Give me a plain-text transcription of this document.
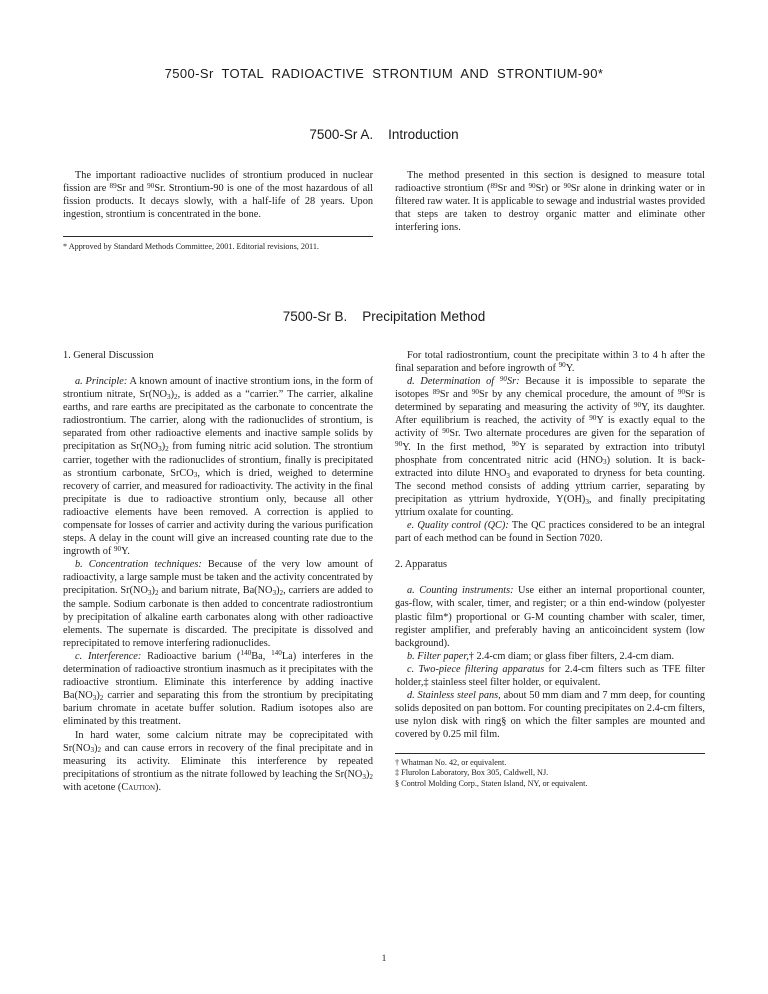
7500-Sr TOTAL RADIOACTIVE STRONTIUM AND STRONTIUM-90*
7500-Sr A. Introduction

The important radioactive nuclides of strontium produced in nuclear fission are $^{89}$Sr and $^{90}$Sr. Strontium-90 is one of the most hazardous of all fission products. It decays slowly, with a half-life of 28 years. Upon ingestion, strontium is concentrated in the bone.

* Approved by Standard Methods Committee, 2001. Editorial revisions, 2011.

The method presented in this section is designed to measure total radioactive strontium ($^{89}$Sr and $^{90}$Sr) or $^{90}$Sr alone in drinking water or in filtered raw water. It is applicable to sewage and industrial wastes provided that steps are taken to destroy organic matter and eliminate other interfering ions.

7500-Sr B. Precipitation Method
1. General Discussion

a. Principle: A known amount of inactive strontium ions, in the form of strontium nitrate, Sr(NO3)2, is added as a “carrier.” The carrier, alkaline earths, and rare earths are precipitated as the carbonate to concentrate the radiostrontium. The carrier, along with the radionuclides of strontium, is separated from other radioactive elements and inactive sample solids by precipitation as Sr(NO3)2 from fuming nitric acid solution. The strontium carrier, together with the radionuclides of strontium, finally is precipitated as strontium carbonate, SrCO3, which is dried, weighed to determine recovery of carrier, and measured for radioactivity. The activity in the final precipitate is due to radioactive strontium only, because all other radioactive elements have been removed. A correction is applied to compensate for losses of carrier and activity during the various purification steps. A delay in the count will give an increased counting rate due to the ingrowth of $^{90}$Y.

b. Concentration techniques: Because of the very low amount of radioactivity, a large sample must be taken and the activity concentrated by precipitation. Sr(NO3)2 and barium nitrate, Ba(NO3)2, carriers are added to the sample. Sodium carbonate is then added to concentrate radiostrontium by precipitation of alkaline earth carbonates along with other radioactive elements. The supernate is discarded. The precipitate is dissolved and reprecipitated to remove interfering radionuclides.

c. Interference: Radioactive barium ($^{140}$Ba, $^{140}$La) interferes in the determination of radioactive strontium inasmuch as it precipitates with the radioactive strontium. Eliminate this interference by adding inactive Ba(NO3)2 carrier and separating this from the strontium by precipitating barium chromate in acetate buffer solution. Radium isotopes also are eliminated by this treatment.

In hard water, some calcium nitrate may be coprecipitated with Sr(NO3)2 and can cause errors in recovery of the final precipitate and in measuring its activity. Eliminate this interference by repeated precipitations of strontium as the nitrate followed by leaching the Sr(NO3)2 with acetone (Caution).

For total radiostrontium, count the precipitate within 3 to 4 h after the final separation and before ingrowth of $^{90}$Y.

d. Determination of $^{90}$Sr: Because it is impossible to separate the isotopes $^{89}$Sr and $^{90}$Sr by any chemical procedure, the amount of $^{90}$Sr is determined by separating and measuring the activity of $^{90}$Y, its daughter. After equilibrium is reached, the activity of $^{90}$Y is exactly equal to the activity of $^{90}$Sr. Two alternate procedures are given for the separation of $^{90}$Y. In the first method, $^{90}$Y is separated by extraction into tributyl phosphate from concentrated nitric acid (HNO3) solution. It is back-extracted into dilute HNO3 and evaporated to dryness for beta counting. The second method consists of adding yttrium carrier, separating by precipitation as yttrium hydroxide, Y(OH)3, and finally precipitating yttrium oxalate for counting.

e. Quality control (QC): The QC practices considered to be an integral part of each method can be found in Section 7020.

2. Apparatus

a. Counting instruments: Use either an internal proportional counter, gas-flow, with scaler, timer, and register; or a thin end-window (polyester plastic film*) proportional or G-M counting chamber with scaler, timer, register amplifier, and preferably having an anticoincident system (low background).

b. Filter paper,† 2.4-cm diam; or glass fiber filters, 2.4-cm diam.

c. Two-piece filtering apparatus for 2.4-cm filters such as TFE filter holder,‡ stainless steel filter holder, or equivalent.

d. Stainless steel pans, about 50 mm diam and 7 mm deep, for counting solids deposited on pan bottom. For counting precipitates on 2.4-cm filters, use nylon disk with ring§ on which the filter samples are mounted and covered by 0.25 mil film.

† Whatman No. 42, or equivalent.
‡ Flurolon Laboratory, Box 305, Caldwell, NJ.
§ Control Molding Corp., Staten Island, NY, or equivalent.
1
